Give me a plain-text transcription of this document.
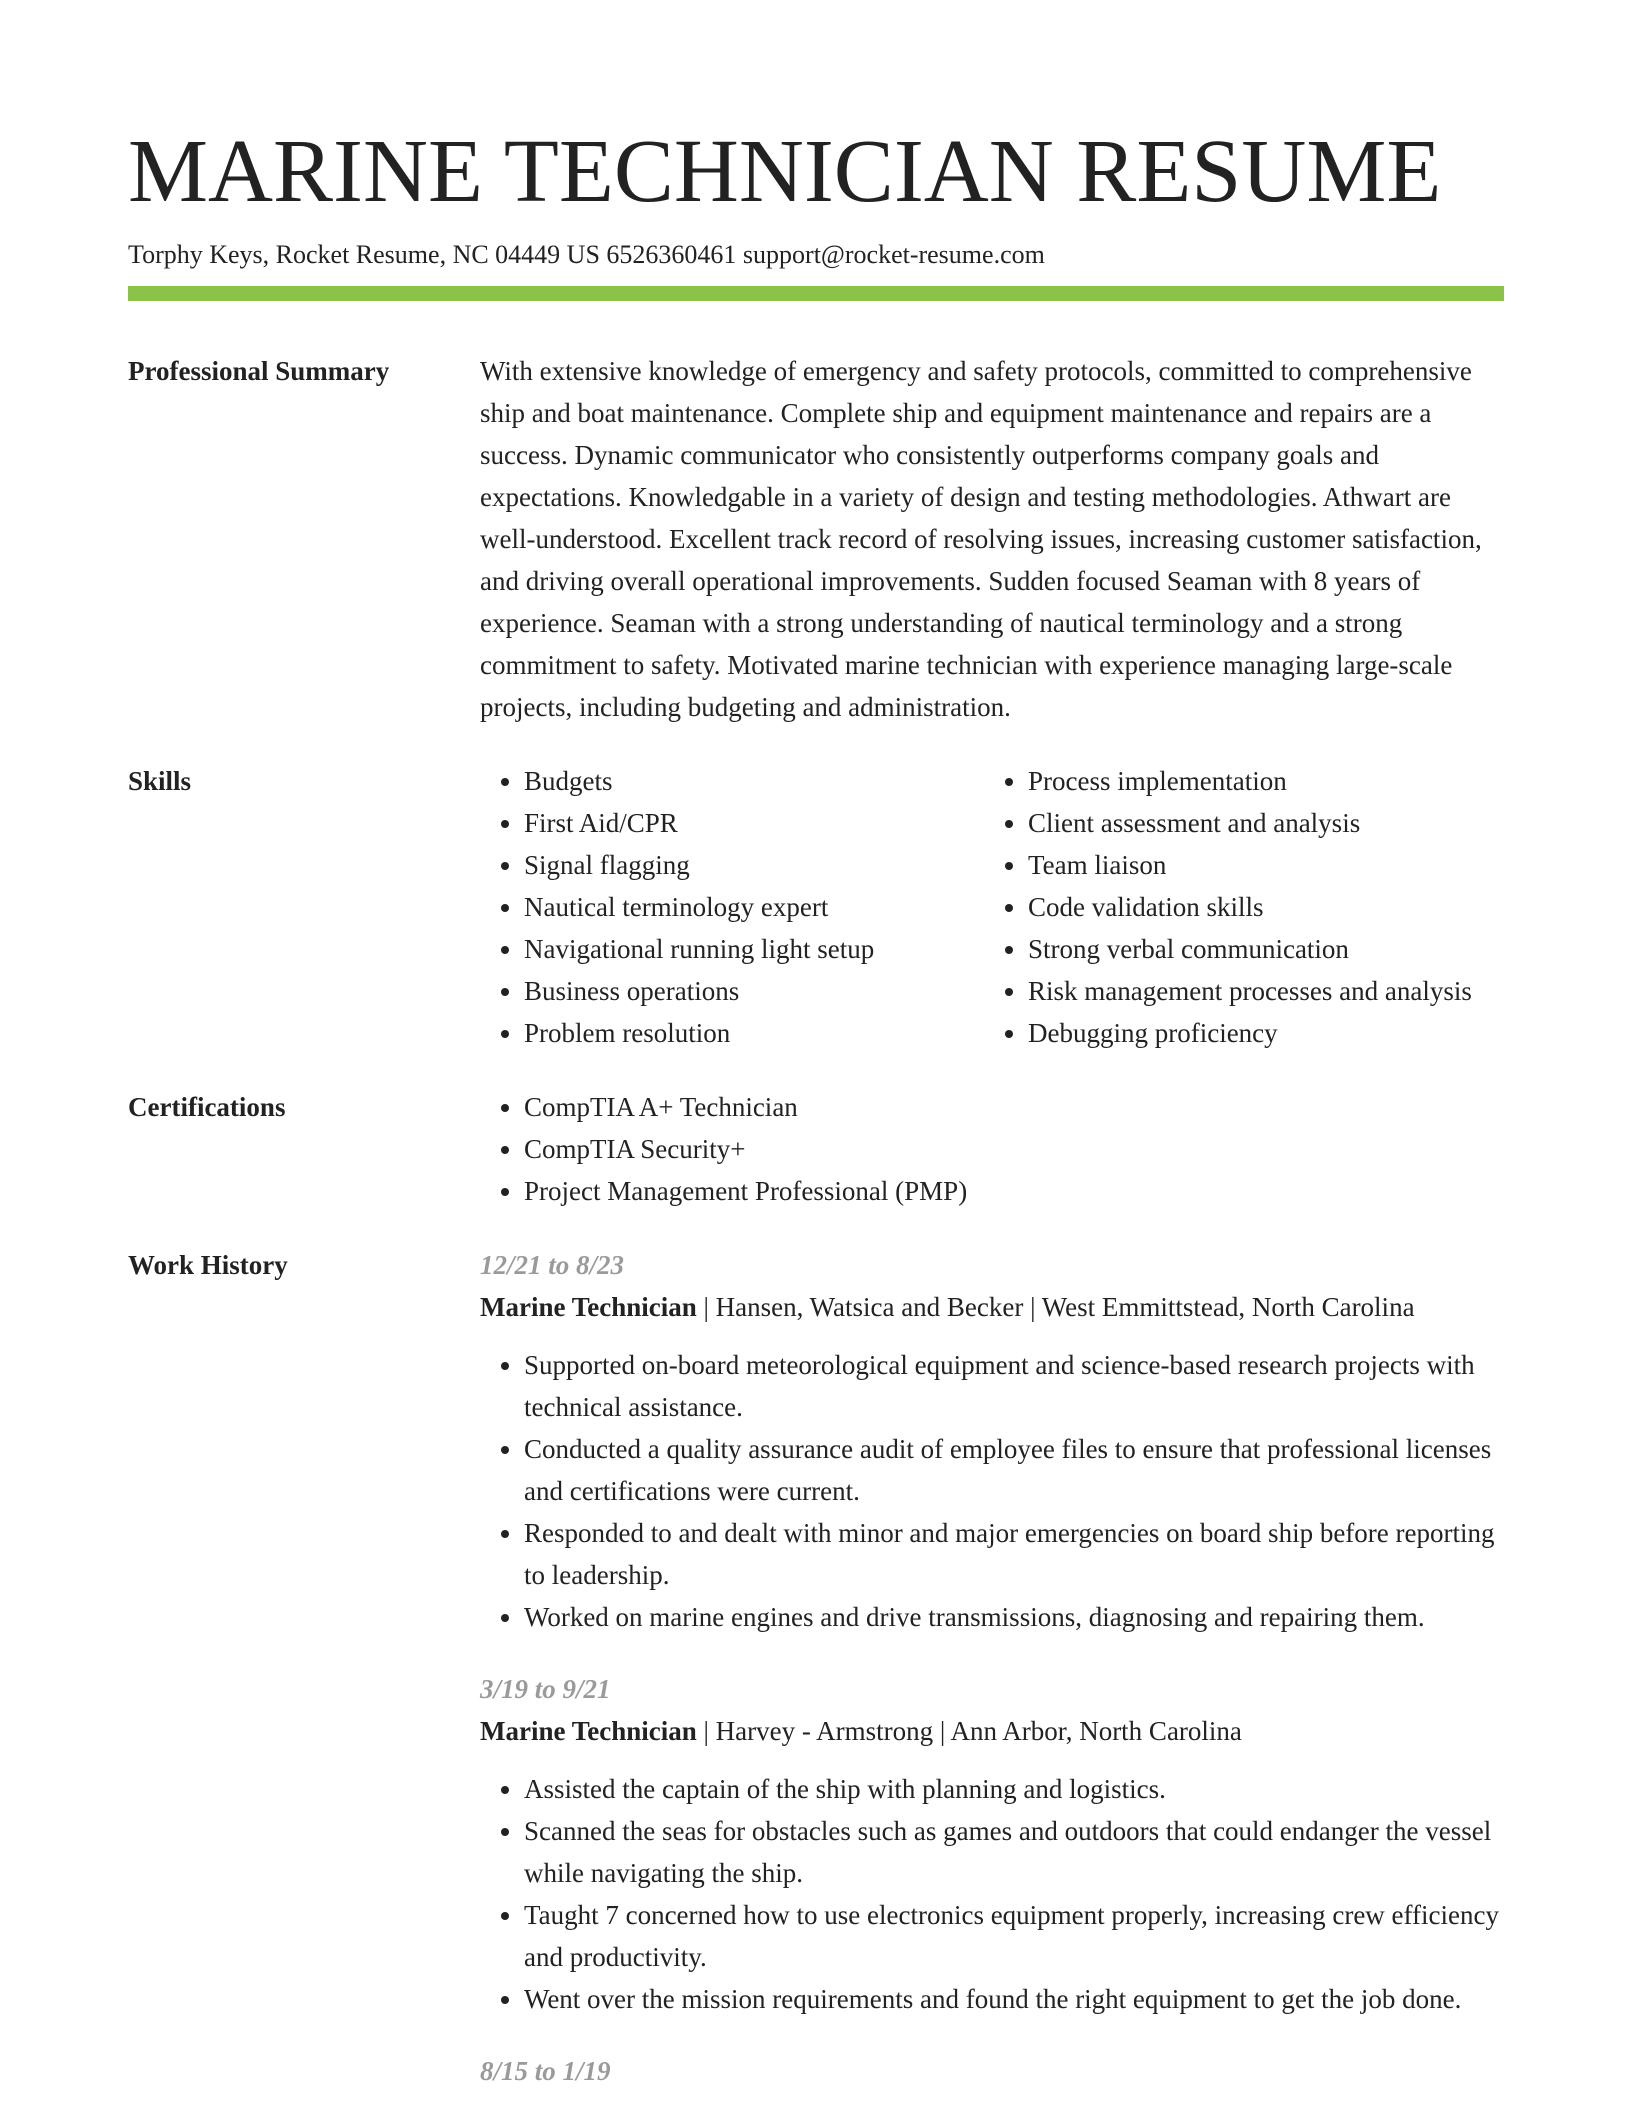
MARINE TECHNICIAN RESUME
Torphy Keys, Rocket Resume, NC 04449 US 6526360461 support@rocket-resume.com
Professional Summary	With extensive knowledge of emergency and safety protocols, committed to comprehensive ship and boat maintenance. Complete ship and equipment maintenance and repairs are a success. Dynamic communicator who consistently outperforms company goals and expectations. Knowledgable in a variety of design and testing methodologies. Athwart are well-understood. Excellent track record of resolving issues, increasing customer satisfaction, and driving overall operational improvements. Sudden focused Seaman with 8 years of experience. Seaman with a strong understanding of nautical terminology and a strong commitment to safety. Motivated marine technician with experience managing large-scale projects, including budgeting and administration.

Skills	• Budgets
• First Aid/CPR
• Signal flagging
• Nautical terminology expert
• Navigational running light setup
• Business operations
• Problem resolution
• Process implementation
• Client assessment and analysis
• Team liaison
• Code validation skills
• Strong verbal communication
• Risk management processes and analysis
• Debugging proficiency
Certifications	• CompTIA A+ Technician
• CompTIA Security+
• Project Management Professional (PMP)
Work History	12/21 to 8/23
Marine Technician | Hansen, Watsica and Becker | West Emmittstead, North Carolina
• Supported on-board meteorological equipment and science-based research projects with technical assistance.
• Conducted a quality assurance audit of employee files to ensure that professional licenses and certifications were current.
• Responded to and dealt with minor and major emergencies on board ship before reporting to leadership.
• Worked on marine engines and drive transmissions, diagnosing and repairing them.
3/19 to 9/21
Marine Technician | Harvey - Armstrong | Ann Arbor, North Carolina
• Assisted the captain of the ship with planning and logistics.
• Scanned the seas for obstacles such as games and outdoors that could endanger the vessel while navigating the ship.
• Taught 7 concerned how to use electronics equipment properly, increasing crew efficiency and productivity.
• Went over the mission requirements and found the right equipment to get the job done.
8/15 to 1/19
